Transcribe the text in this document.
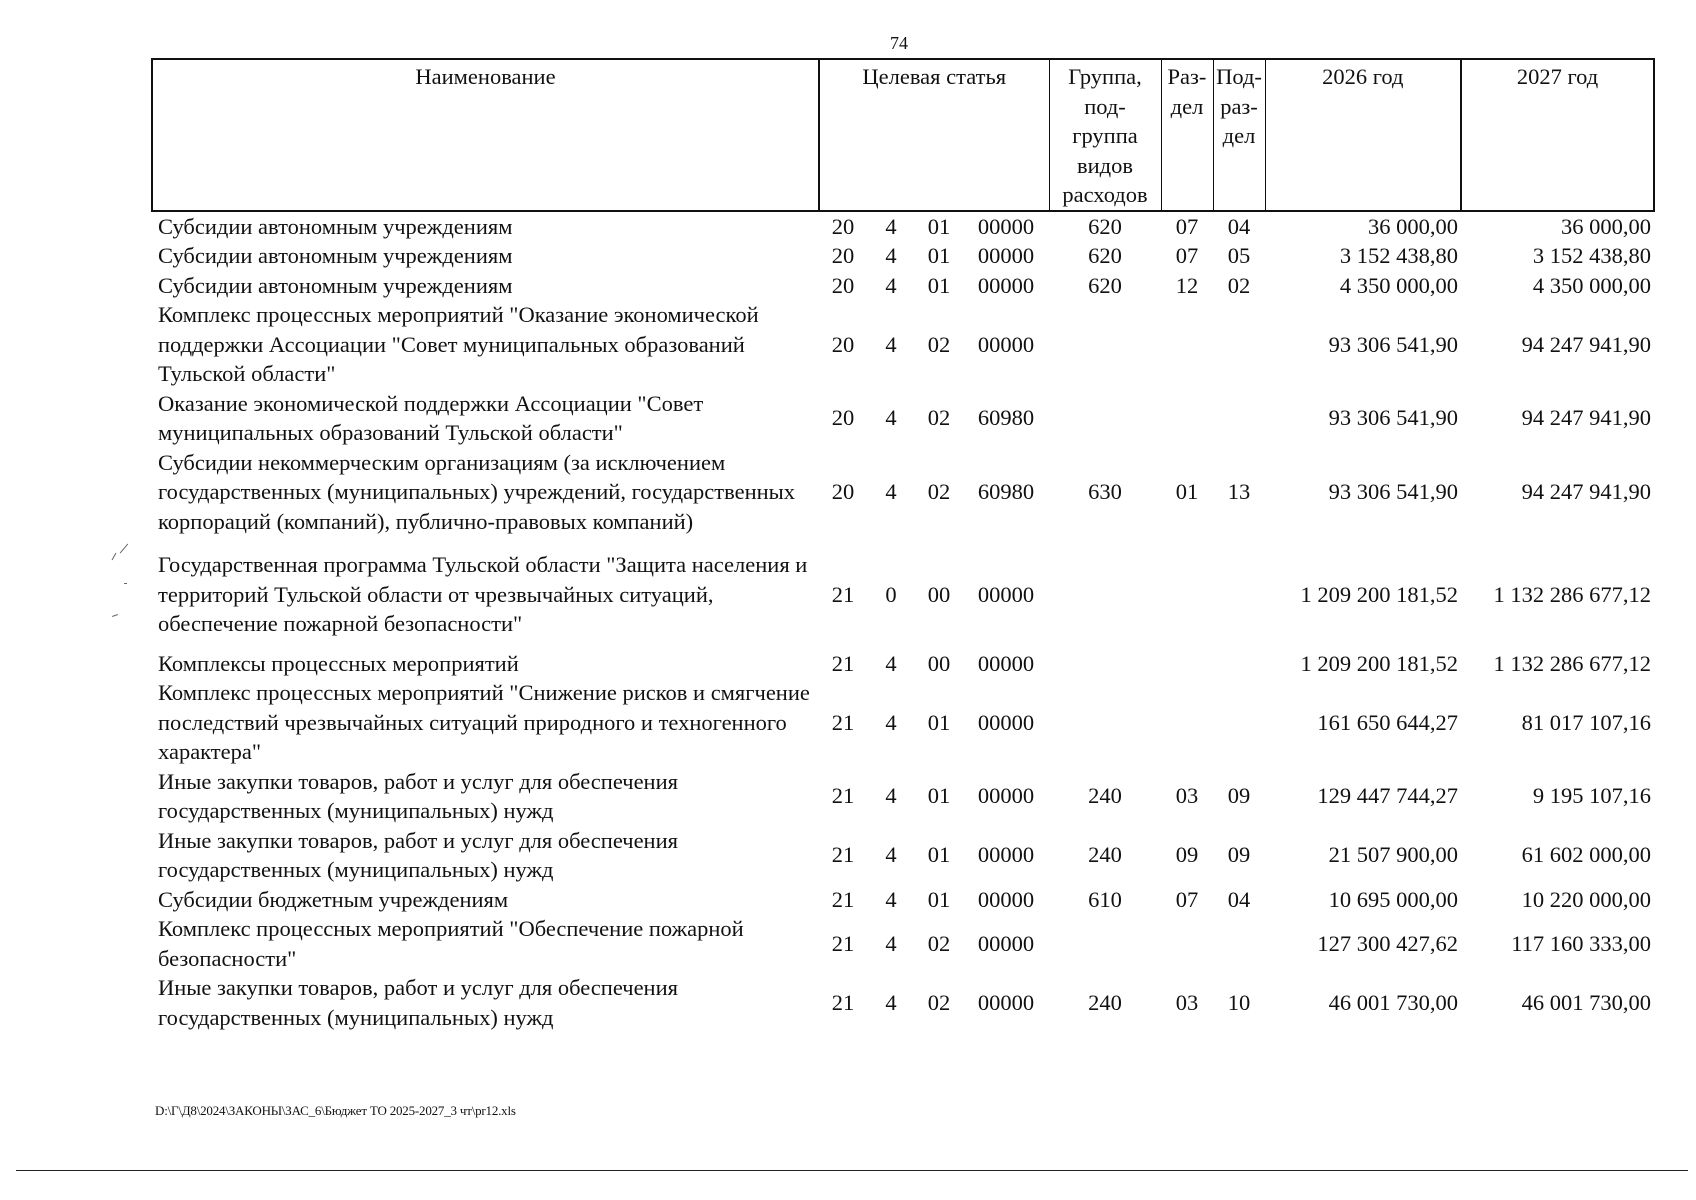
74
Наименование	Целевая статья				Группа, под-группа видов расходов	Раз-дел	Под-раз-дел	2026 год	2027 год
Субсидии автономным учреждениям	20	4	01	00000	620	07	04	36 000,00	36 000,00
Субсидии автономным учреждениям	20	4	01	00000	620	07	05	3 152 438,80	3 152 438,80
Субсидии автономным учреждениям	20	4	01	00000	620	12	02	4 350 000,00	4 350 000,00
Комплекс процессных мероприятий "Оказание экономической поддержки Ассоциации "Совет муниципальных образований Тульской области"	20	4	02	00000				93 306 541,90	94 247 941,90
Оказание экономической поддержки Ассоциации "Совет муниципальных образований Тульской области"	20	4	02	60980				93 306 541,90	94 247 941,90
Субсидии некоммерческим организациям (за исключением государственных (муниципальных) учреждений, государственных корпораций (компаний), публично-правовых компаний)	20	4	02	60980	630	01	13	93 306 541,90	94 247 941,90
Государственная программа Тульской области "Защита населения и территорий Тульской области от чрезвычайных ситуаций, обеспечение пожарной безопасности"	21	0	00	00000				1 209 200 181,52	1 132 286 677,12
Комплексы процессных мероприятий	21	4	00	00000				1 209 200 181,52	1 132 286 677,12
Комплекс процессных мероприятий "Снижение рисков и смягчение последствий чрезвычайных ситуаций природного и техногенного характера"	21	4	01	00000				161 650 644,27	81 017 107,16
Иные закупки товаров, работ и услуг для обеспечения государственных (муниципальных) нужд	21	4	01	00000	240	03	09	129 447 744,27	9 195 107,16
Иные закупки товаров, работ и услуг для обеспечения государственных (муниципальных) нужд	21	4	01	00000	240	09	09	21 507 900,00	61 602 000,00
Субсидии бюджетным учреждениям	21	4	01	00000	610	07	04	10 695 000,00	10 220 000,00
Комплекс процессных мероприятий "Обеспечение пожарной безопасности"	21	4	02	00000				127 300 427,62	117 160 333,00
Иные закупки товаров, работ и услуг для обеспечения государственных (муниципальных) нужд	21	4	02	00000	240	03	10	46 001 730,00	46 001 730,00
D:\Г\Д8\2024\ЗАКОНЫ\ЗАС_6\Бюджет ТО 2025-2027_3 чт\pr12.xls
